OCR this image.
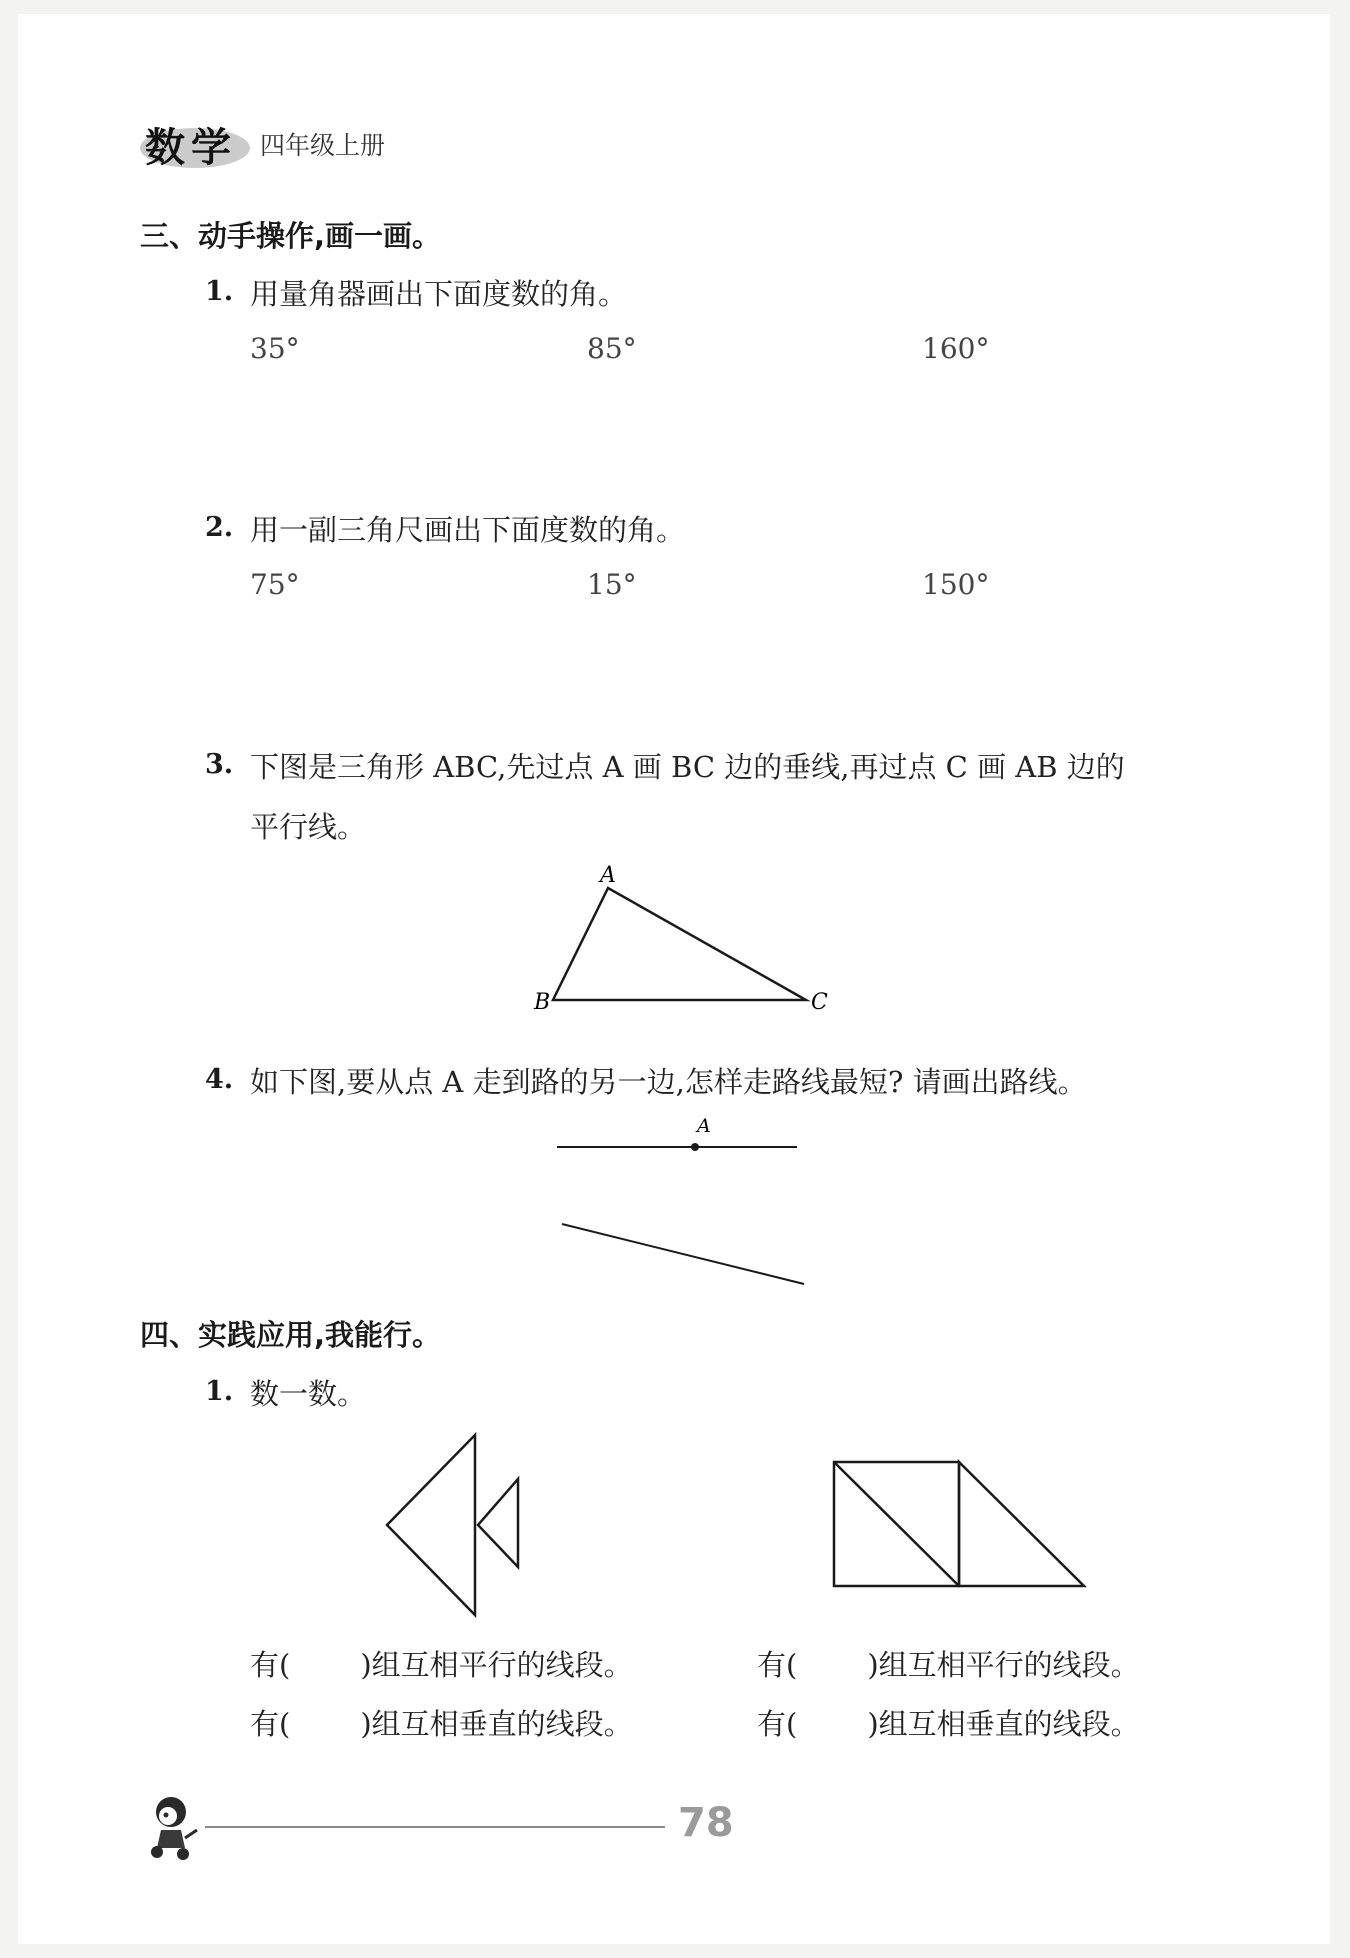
数学 四年级上册
三、动手操作,画一画。
1. 用量角器画出下面度数的角。
35°	85°	160°
2. 用一副三角尺画出下面度数的角。
75°	15°	150°
3. 下图是三角形 ABC,先过点 A 画 BC 边的垂线,再过点 C 画 AB 边的
平行线。
A
B	C
4. 如下图,要从点 A 走到路的另一边,怎样走路线最短? 请画出路线。
A
四、实践应用,我能行。
1. 数一数。
有( )组互相平行的线段。
有( )组互相垂直的线段。
有( )组互相平行的线段。
有( )组互相垂直的线段。
78
